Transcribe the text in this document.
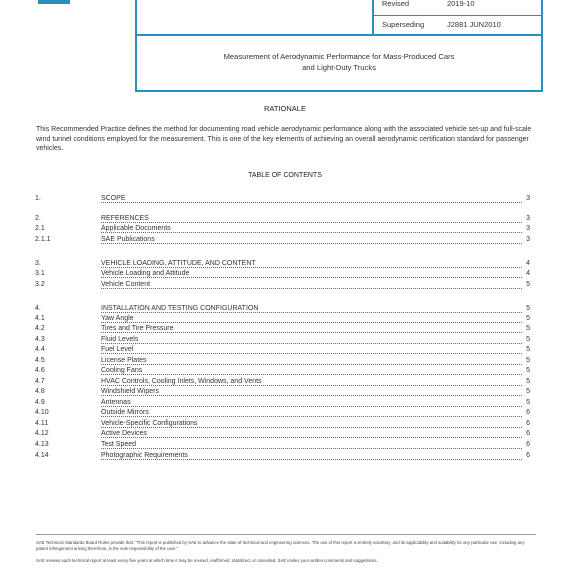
Revised	2019-10
Superseding	J2881 JUN2010
Measurement of Aerodynamic Performance for Mass-Produced Cars
and Light-Duty Trucks
RATIONALE
This Recommended Practice defines the method for documenting road vehicle aerodynamic performance along with the associated vehicle set-up and full-scale wind tunnel conditions employed for the measurement. This is one of the key elements of achieving an overall aerodynamic certification standard for passenger vehicles.
TABLE OF CONTENTS
1.	SCOPE	3
2.	REFERENCES	3
2.1	Applicable Documents	3
2.1.1	SAE Publications	3
3.	VEHICLE LOADING, ATTITUDE, AND CONTENT	4
3.1	Vehicle Loading and Attitude	4
3.2	Vehicle Content	5
4.	INSTALLATION AND TESTING CONFIGURATION	5
4.1	Yaw Angle	5
4.2	Tires and Tire Pressure	5
4.3	Fluid Levels	5
4.4	Fuel Level	5
4.5	License Plates	5
4.6	Cooling Fans	5
4.7	HVAC Controls, Cooling Inlets, Windows, and Vents	5
4.8	Windshield Wipers	5
4.9	Antennas	5
4.10	Outside Mirrors	6
4.11	Vehicle-Specific Configurations	6
4.12	Active Devices	6
4.13	Test Speed	6
4.14	Photographic Requirements	6
SAE Technical Standards Board Rules provide that: "This report is published by SAE to advance the state of technical and engineering sciences. The use of this report is entirely voluntary, and its applicability and suitability for any particular use, including any patent infringement arising therefrom, is the sole responsibility of the user."
SAE reviews each technical report at least every five years at which time it may be revised, reaffirmed, stabilized, or cancelled. SAE invites your written comments and suggestions.
